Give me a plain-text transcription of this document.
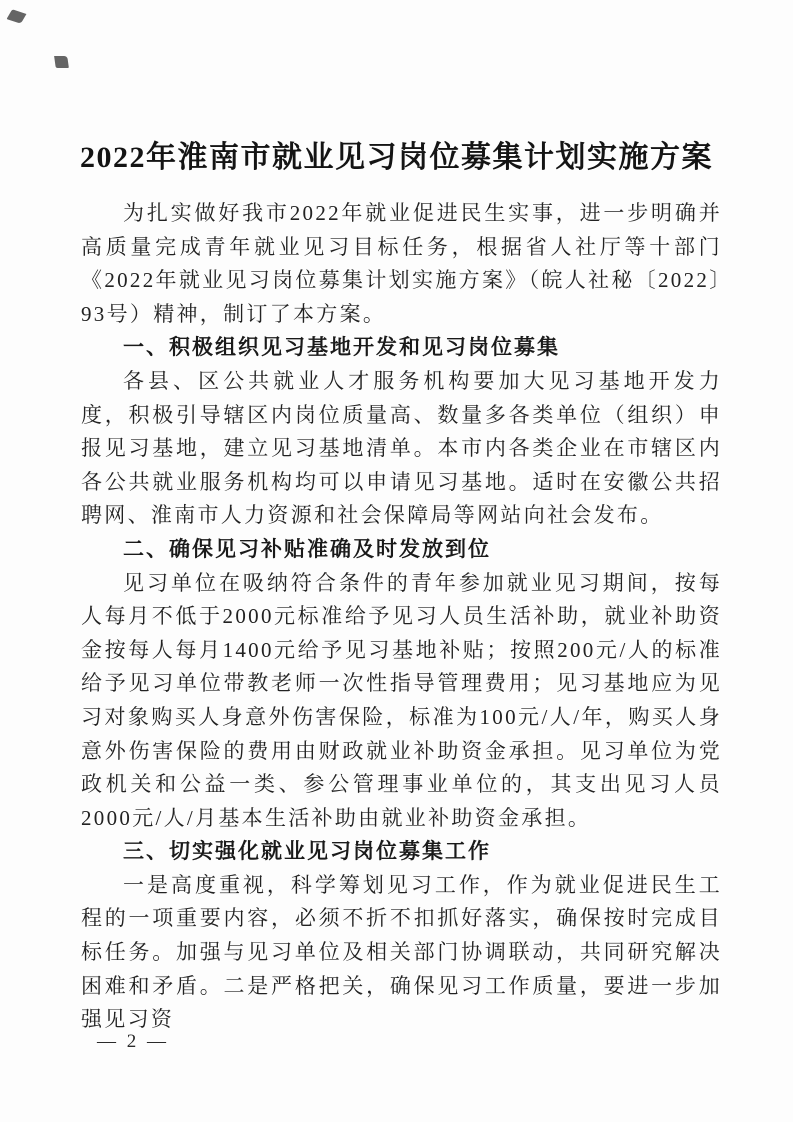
2022年淮南市就业见习岗位募集计划实施方案

为扎实做好我市2022年就业促进民生实事，进一步明确并高质量完成青年就业见习目标任务，根据省人社厅等十部门《2022年就业见习岗位募集计划实施方案》（皖人社秘〔2022〕93号）精神，制订了本方案。

一、积极组织见习基地开发和见习岗位募集

各县、区公共就业人才服务机构要加大见习基地开发力度，积极引导辖区内岗位质量高、数量多各类单位（组织）申报见习基地，建立见习基地清单。本市内各类企业在市辖区内各公共就业服务机构均可以申请见习基地。适时在安徽公共招聘网、淮南市人力资源和社会保障局等网站向社会发布。

二、确保见习补贴准确及时发放到位

见习单位在吸纳符合条件的青年参加就业见习期间，按每人每月不低于2000元标准给予见习人员生活补助，就业补助资金按每人每月1400元给予见习基地补贴；按照200元/人的标准给予见习单位带教老师一次性指导管理费用；见习基地应为见习对象购买人身意外伤害保险，标准为100元/人/年，购买人身意外伤害保险的费用由财政就业补助资金承担。见习单位为党政机关和公益一类、参公管理事业单位的，其支出见习人员2000元/人/月基本生活补助由就业补助资金承担。

三、切实强化就业见习岗位募集工作

一是高度重视，科学筹划见习工作，作为就业促进民生工程的一项重要内容，必须不折不扣抓好落实，确保按时完成目标任务。加强与见习单位及相关部门协调联动，共同研究解决困难和矛盾。二是严格把关，确保见习工作质量，要进一步加强见习资

— 2 —
